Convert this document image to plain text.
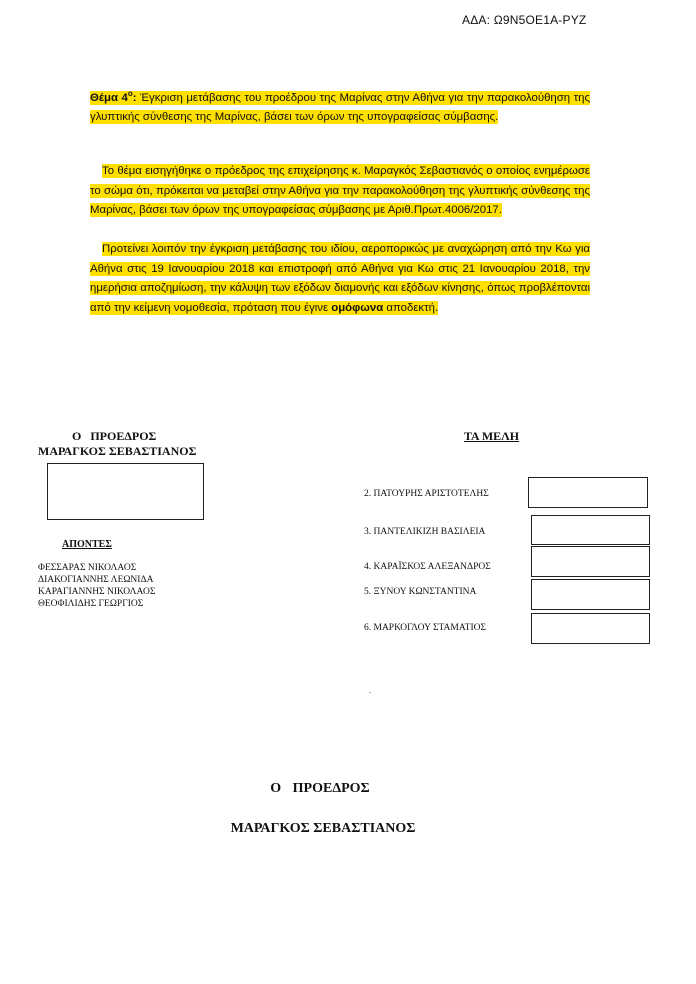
ΑΔΑ: Ω9Ν5ΟΕ1Α-ΡΥΖ
Θέμα $4^o$: Έγκριση μετάβασης του προέδρου της Μαρίνας στην Αθήνα για την παρακολούθηση της γλυπτικής σύνθεσης της Μαρίνας, βάσει των όρων της υπογραφείσας σύμβασης.
Το θέμα εισηγήθηκε ο πρόεδρος της επιχείρησης κ. Μαραγκός Σεβαστιανός ο οποίος ενημέρωσε το σώμα ότι, πρόκειται να μεταβεί στην Αθήνα για την παρακολούθηση της γλυπτικής σύνθεσης της Μαρίνας, βάσει των όρων της υπογραφείσας σύμβασης με Αριθ.Πρωτ.4006/2017.
Προτείνει λοιπόν την έγκριση μετάβασης του ιδίου, αεροπορικώς με αναχώρηση από την Κω για Αθήνα στις 19 Ιανουαρίου 2018 και επιστροφή από Αθήνα για Κω στις 21 Ιανουαρίου 2018, την ημερήσια αποζημίωση, την κάλυψη των εξόδων διαμονής και εξόδων κίνησης, όπως προβλέπονται από την κείμενη νομοθεσία, πρόταση που έγινε ομόφωνα αποδεκτή.
Ο ΠΡΟΕΔΡΟΣ
ΜΑΡΑΓΚΟΣ ΣΕΒΑΣΤΙΑΝΟΣ
ΑΠΟΝΤΕΣ
ΦΕΣΣΑΡΑΣ ΝΙΚΟΛΑΟΣ
ΔΙΑΚΟΓΙΑΝΝΗΣ ΛΕΩΝΙΔΑ
ΚΑΡΑΓΙΑΝΝΗΣ ΝΙΚΟΛΑΟΣ
ΘΕΟΦΙΛΙΔΗΣ ΓΕΩΡΓΙΟΣ
ΤΑ ΜΕΛΗ
2. ΠΑΤΟΥΡΗΣ ΑΡΙΣΤΟΤΕΛΗΣ
3. ΠΑΝΤΕΛΙΚΙΖΗ ΒΑΣΙΛΕΙΑ
4. ΚΑΡΑΪΣΚΟΣ ΑΛΕΞΑΝΔΡΟΣ
5. ΞΥΝΟΥ ΚΩΝΣΤΑΝΤΙΝΑ
6. ΜΑΡΚΟΓΛΟΥ ΣΤΑΜΑΤΙΟΣ
.
Ο ΠΡΟΕΔΡΟΣ
ΜΑΡΑΓΚΟΣ ΣΕΒΑΣΤΙΑΝΟΣ
